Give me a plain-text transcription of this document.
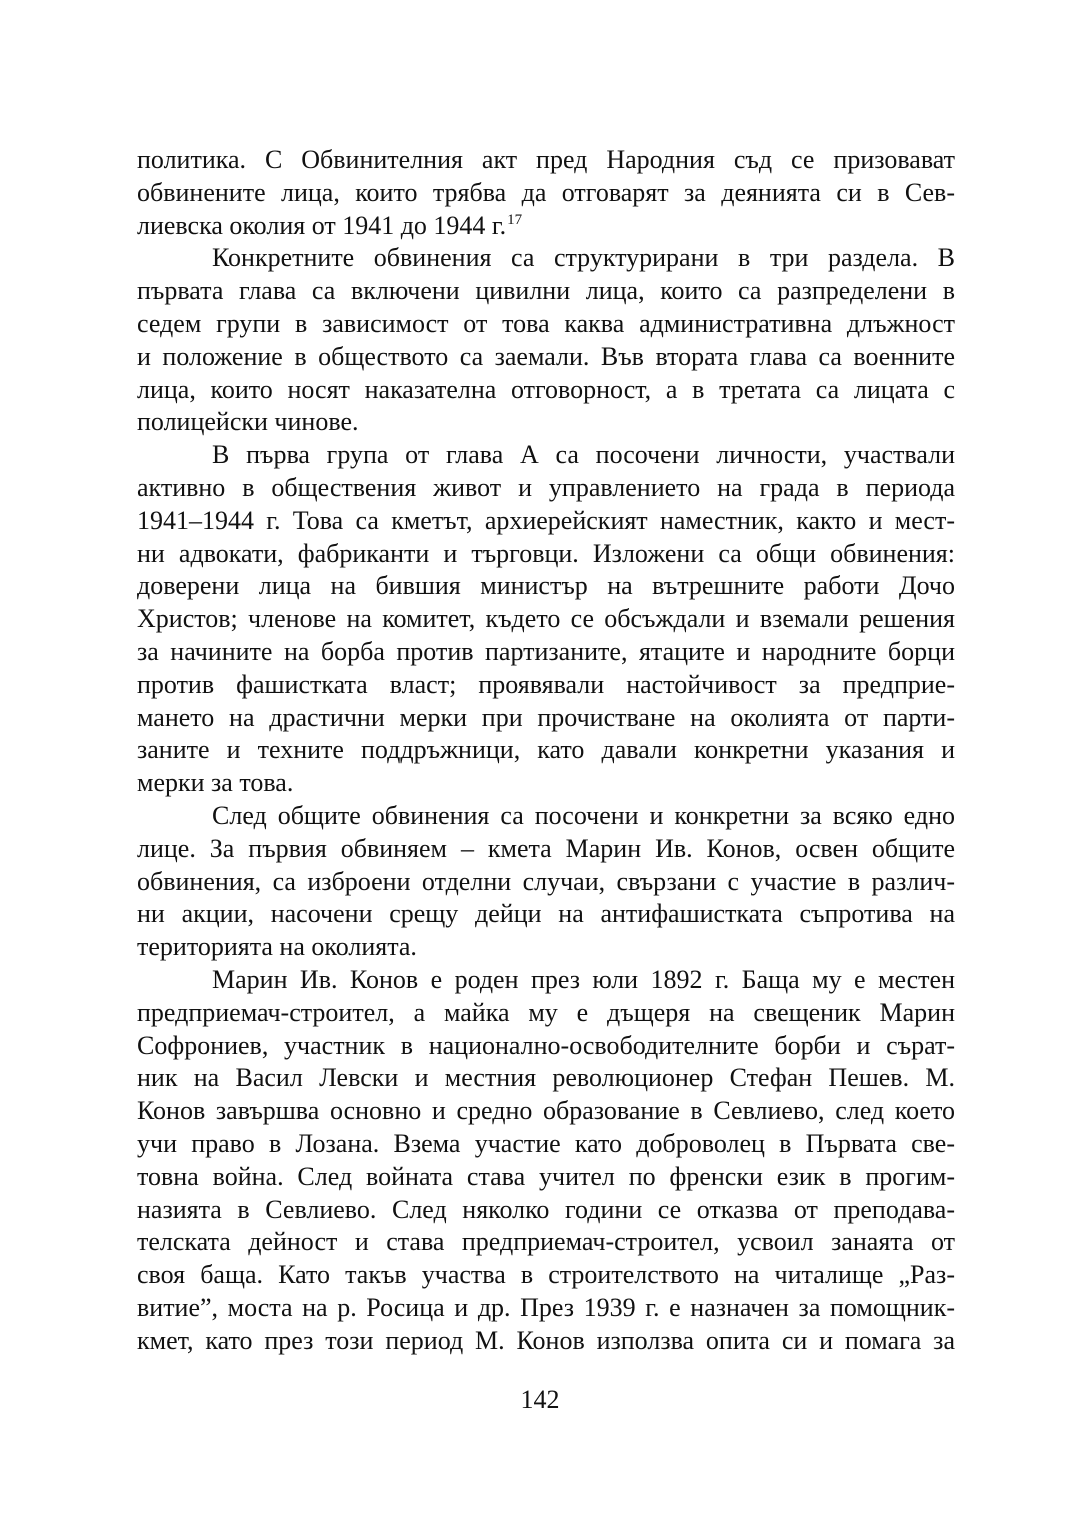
политика. С Обвинителния акт пред Народния съд се призовават
обвинените лица, които трябва да отговарят за деянията си в Сев-
лиевска околия от 1941 до 1944 г.$^{17}$
Конкретните обвинения са структурирани в три раздела. В
първата глава са включени цивилни лица, които са разпределени в
седем групи в зависимост от това каква административна длъжност
и положение в обществото са заемали. Във втората глава са военните
лица, които носят наказателна отговорност, а в третата са лицата с
полицейски чинове.
В първа група от глава А са посочени личности, участвали
активно в обществения живот и управлението на града в периода
1941–1944 г. Това са кметът, архиерейският наместник, както и мест-
ни адвокати, фабриканти и търговци. Изложени са общи обвинения:
доверени лица на бившия министър на вътрешните работи Дочо
Христов; членове на комитет, където се обсъждали и вземали решения
за начините на борба против партизаните, ятаците и народните борци
против фашистката власт; проявявали настойчивост за предприе-
мането на драстични мерки при прочистване на околията от парти-
заните и техните поддръжници, като давали конкретни указания и
мерки за това.
След общите обвинения са посочени и конкретни за всяко едно
лице. За първия обвиняем – кмета Марин Ив. Конов, освен общите
обвинения, са изброени отделни случаи, свързани с участие в различ-
ни акции, насочени срещу дейци на антифашистката съпротива на
територията на околията.
Марин Ив. Конов е роден през юли 1892 г. Баща му е местен
предприемач-строител, а майка му е дъщеря на свещеник Марин
Софрониев, участник в национално-освободителните борби и сърат-
ник на Васил Левски и местния революционер Стефан Пешев. М.
Конов завършва основно и средно образование в Севлиево, след което
учи право в Лозана. Взема участие като доброволец в Първата све-
товна война. След войната става учител по френски език в прогим-
назията в Севлиево. След няколко години се отказва от преподава-
телската дейност и става предприемач-строител, усвоил занаята от
своя баща. Като такъв участва в строителството на читалище „Раз-
витие”, моста на р. Росица и др. През 1939 г. е назначен за помощник-
кмет, като през този период М. Конов използва опита си и помага за
142
